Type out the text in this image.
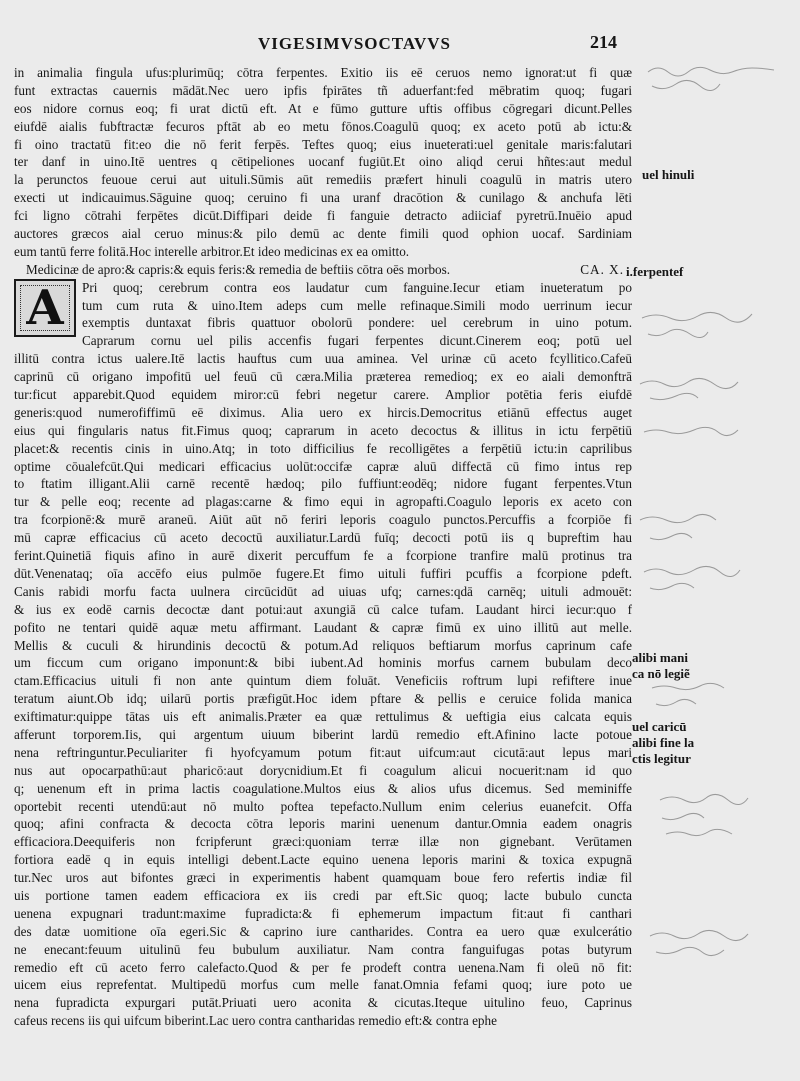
VIGESIMVSOCTAVVS	214
in animalia fingula ufus:plurimūq; cōtra ferpentes. Exitio iis eē ceruos nemo ignorat:ut fi quæ
funt extractas cauernis mādāt.Nec uero ipfis fpirātes tñ aduerfant:fed mēbratim quoq; fugari
eos nidore cornus eoq; fi urat dictū eft. At e fūmo gutture uftis offibus cōgregari dicunt.Pelles
eiufdē aialis fubftractæ fecuros pftāt ab eo metu fōnos.Coagulū quoq; ex aceto potū ab ictu:&
fi oino tractatū fit:eo die nō ferit ferpēs. Teftes quoq; eius inueterati:uel genitale maris:falutari
ter danf in uino.Itē uentres q cētipeliones uocanf fugiūt.Et oino aliqd cerui hñtes:aut medul
la perunctos feuoue cerui aut uituli.Sūmis aūt remediis præfert hinuli coagulū in matris utero
execti ut indicauimus.Sāguine quoq; ceruino fi una uranf dracōtion & cunilago & anchufa lēti
fci ligno cōtrahi ferpētes dicūt.Diffipari deide fi fanguie detracto adiiciaf pyretrū.Inuēio apud
auctores græcos aial ceruo minus:& pilo demū ac dente fimili quod ophion uocaf. Sardiniam
eum tantū ferre folitā.Hoc interelle arbitror.Et ideo medicinas ex ea omitto.
Medicinæ de apro:& capris:& equis feris:& remedia de beftiis cōtra oēs morbos.	CA. X.
Pri quoq; cerebrum contra eos laudatur cum fanguine.Iecur etiam inueteratum po
tum cum ruta & uino.Item adeps cum melle refinaque.Simili modo uerrinum iecur
exemptis duntaxat fibris quattuor obolorū pondere: uel cerebrum in uino potum.
Caprarum cornu uel pilis accenfis fugari ferpentes dicunt.Cinerem eoq; potū uel
illitū contra ictus ualere.Itē lactis hauftus cum uua aminea. Vel urinæ cū aceto fcyllitico.Cafeū
caprinū cū origano impofitū uel feuū cū cæra.Milia præterea remedioq; ex eo aiali demonftrā
tur:ficut apparebit.Quod equidem miror:cū febri negetur carere. Amplior potētia feris eiufdē
generis:quod numerofiffimū eē diximus. Alia uero ex hircis.Democritus etiānū effectus auget
eius qui fingularis natus fit.Fimus quoq; caprarum in aceto decoctus & illitus in ictu ferpētiū
placet:& recentis cinis in uino.Atq; in toto difficilius fe recolligētes a ferpētiū ictu:in caprilibus
optime cōualefcūt.Qui medicari efficacius uolūt:occifæ capræ aluū diffectā cū fimo intus rep
to ftatim illigant.Alii carnē recentē hædoq; pilo fuffiunt:eodēq; nidore fugant ferpentes.Vtun
tur & pelle eoq; recente ad plagas:carne & fimo equi in agropafti.Coagulo leporis ex aceto con
tra fcorpionē:& murē araneū. Aiūt aūt nō feriri leporis coagulo punctos.Percuffis a fcorpiōe fi
mū capræ efficacius cū aceto decoctū auxiliatur.Lardū fuīq; decocti potū iis q bupreftim hau
ferint.Quinetiā fiquis afino in aurē dixerit percuffum fe a fcorpione tranfire malū protinus tra
dūt.Venenataq; oīa accēfo eius pulmōe fugere.Et fimo uituli fuffiri pcuffis a fcorpione pdeft.
Canis rabidi morfu facta uulnera circūcidūt ad uiuas ufq; carnes:qdā carnēq; uituli admouēt:
& ius ex eodē carnis decoctæ dant potui:aut axungiā cū calce tufam. Laudant hirci iecur:quo f
pofito ne tentari quidē aquæ metu affirmant. Laudant & capræ fimū ex uino illitū aut melle.
Mellis & cuculi & hirundinis decoctū & potum.Ad reliquos beftiarum morfus caprinum cafe
um ficcum cum origano imponunt:& bibi iubent.Ad hominis morfus carnem bubulam deco
ctam.Efficacius uituli fi non ante quintum diem foluāt. Veneficiis roftrum lupi refiftere inue
teratum aiunt.Ob idq; uilarū portis præfigūt.Hoc idem pftare & pellis e ceruice folida manica
exiftimatur:quippe tātas uis eft animalis.Præter ea quæ rettulimus & ueftigia eius calcata equis
afferunt torporem.Iis, qui argentum uiuum biberint lardū remedio eft.Afinino lacte potoue
nena reftringuntur.Peculiariter fi hyofcyamum potum fit:aut uifcum:aut cicutā:aut lepus mari
nus aut opocarpathū:aut pharicō:aut dorycnidium.Et fi coagulum alicui nocuerit:nam id quo
q; uenenum eft in prima lactis coagulatione.Multos eius & alios ufus dicemus. Sed meminiffe
oportebit recenti utendū:aut nō multo poftea tepefacto.Nullum enim celerius euanefcit. Offa
quoq; afini confracta & decocta cōtra leporis marini uenenum dantur.Omnia eadem onagris
efficaciora.Deequiferis non fcripferunt græci:quoniam terræ illæ non gignebant. Verūtamen
fortiora eadē q in equis intelligi debent.Lacte equino uenena leporis marini & toxica expugnā
tur.Nec uros aut bifontes græci in experimentis habent quamquam boue fero refertis indiæ fil
uis portione tamen eadem efficaciora ex iis credi par eft.Sic quoq; lacte bubulo cuncta
uenena expugnari tradunt:maxime fupradicta:& fi ephemerum impactum fit:aut fi canthari
des datæ uomitione oīa egeri.Sic & caprino iure cantharides. Contra ea uero quæ exulcerátio
ne enecant:feuum uitulinū feu bubulum auxiliatur. Nam contra fanguifugas potas butyrum
remedio eft cū aceto ferro calefacto.Quod & per fe prodeft contra uenena.Nam fi oleū nō fit:
uicem eius reprefentat. Multipedū morfus cum melle fanat.Omnia fefami quoq; iure poto ue
nena fupradicta expurgari putāt.Priuati uero aconita & cicutas.Iteque uitulino feuo, Caprinus
cafeus recens iis qui uifcum biberint.Lac uero contra cantharidas remedio eft:& contra ephe
A
uel hinuli
i.ferpentef
alibi mani
ca nō legiẽ
uel caricū
alibi fine la
ctis legitur
